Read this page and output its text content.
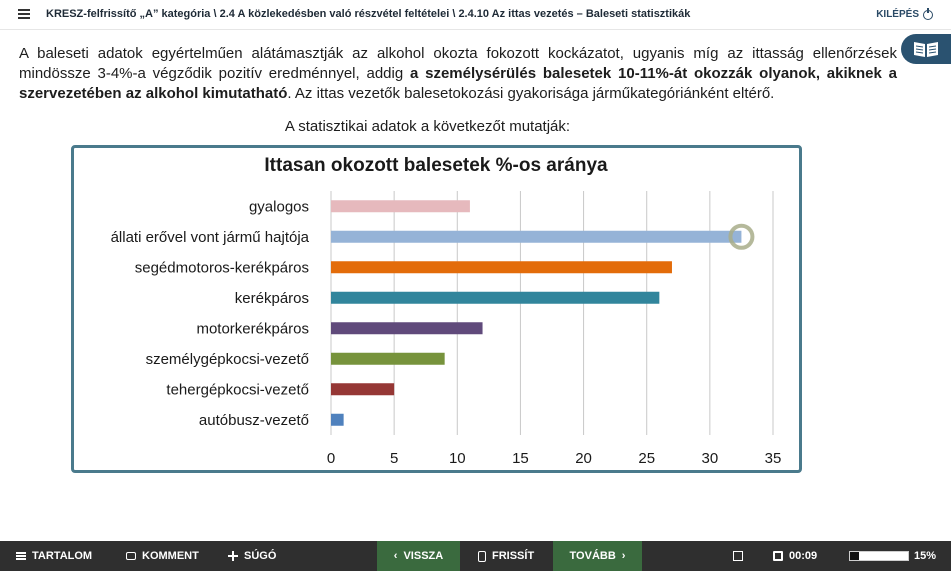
KRESZ-felfrissítő „A” kategória \ 2.4 A közlekedésben való részvétel feltételei \ 2.4.10 Az ittas vezetés – Baleseti statisztikák	KILÉPÉS

A baleseti adatok egyértelműen alátámasztják az alkohol okozta fokozott kockázatot, ugyanis míg az ittasság ellenőrzések mindössze 3-4%-a végződik pozitív eredménnyel, addig a személysérülés balesetek 10-11%-át okozzák olyanok, akiknek a szervezetében az alkohol kimutatható. Az ittas vezetők balesetokozási gyakorisága járműkategóriánként eltérő.

A statisztikai adatok a következőt mutatják:
Ittasan okozott balesetek %-os aránya
0	5	10	15	20	25	30	35
gyalogos
állati erővel vont jármű hajtója
segédmotoros-kerékpáros
kerékpáros
motorkerékpáros
személygépkocsi-vezető
tehergépkocsi-vezető
autóbusz-vezető
TARTALOM	KOMMENT	SÚGÓ	‹ VISSZA	FRISSÍT	TOVÁBB ›	00:09	15%
